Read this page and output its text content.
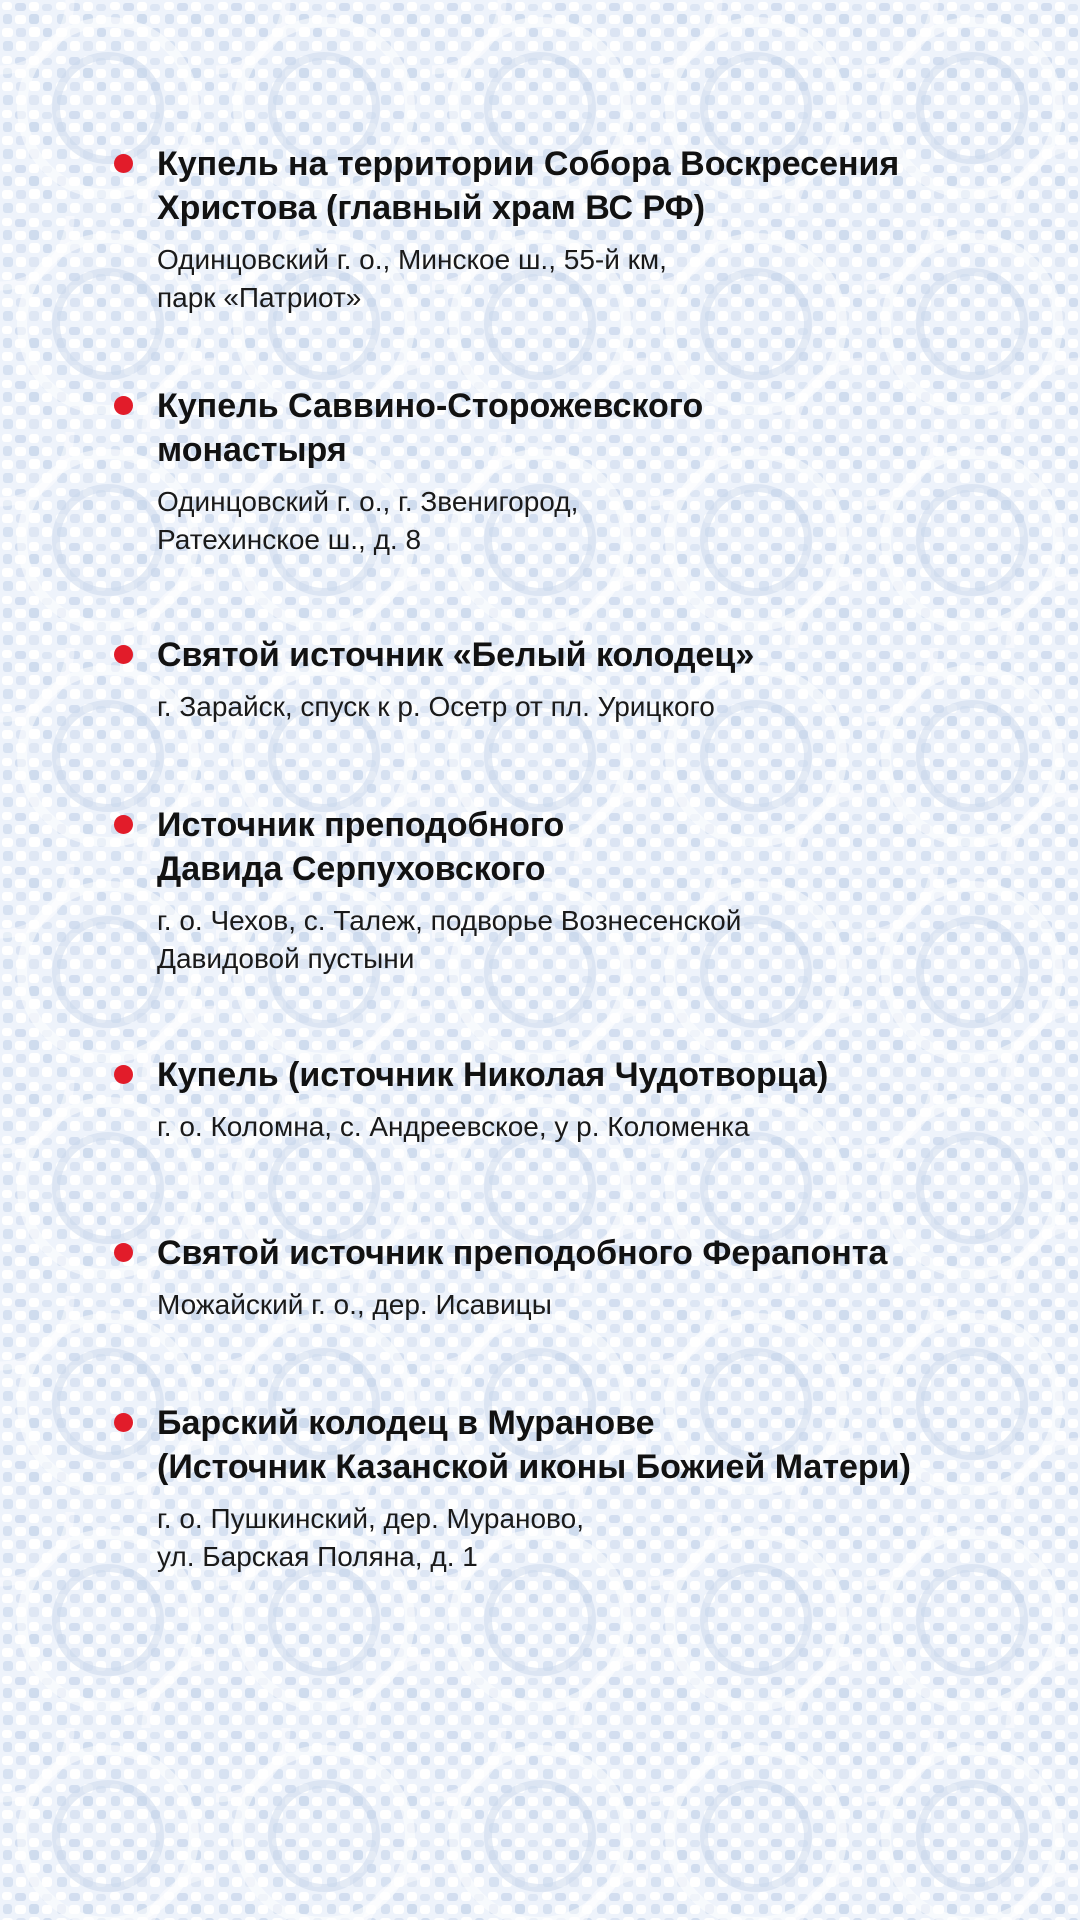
Купель на территории Собора Воскресения
Христова (главный храм ВС РФ)

Одинцовский г. о., Минское ш., 55-й км,
парк «Патриот»

Купель Саввино-Сторожевского
монастыря

Одинцовский г. о., г. Звенигород,
Ратехинское ш., д. 8

Святой источник «Белый колодец»

г. Зарайск, спуск к р. Осетр от пл. Урицкого

Источник преподобного
Давида Серпуховского

г. о. Чехов, с. Талеж, подворье Вознесенской
Давидовой пустыни

Купель (источник Николая Чудотворца)

г. о. Коломна, с. Андреевское, у р. Коломенка

Святой источник преподобного Ферапонта

Можайский г. о., дер. Исавицы

Барский колодец в Муранове
(Источник Казанской иконы Божией Матери)

г. о. Пушкинский, дер. Мураново,
ул. Барская Поляна, д. 1
